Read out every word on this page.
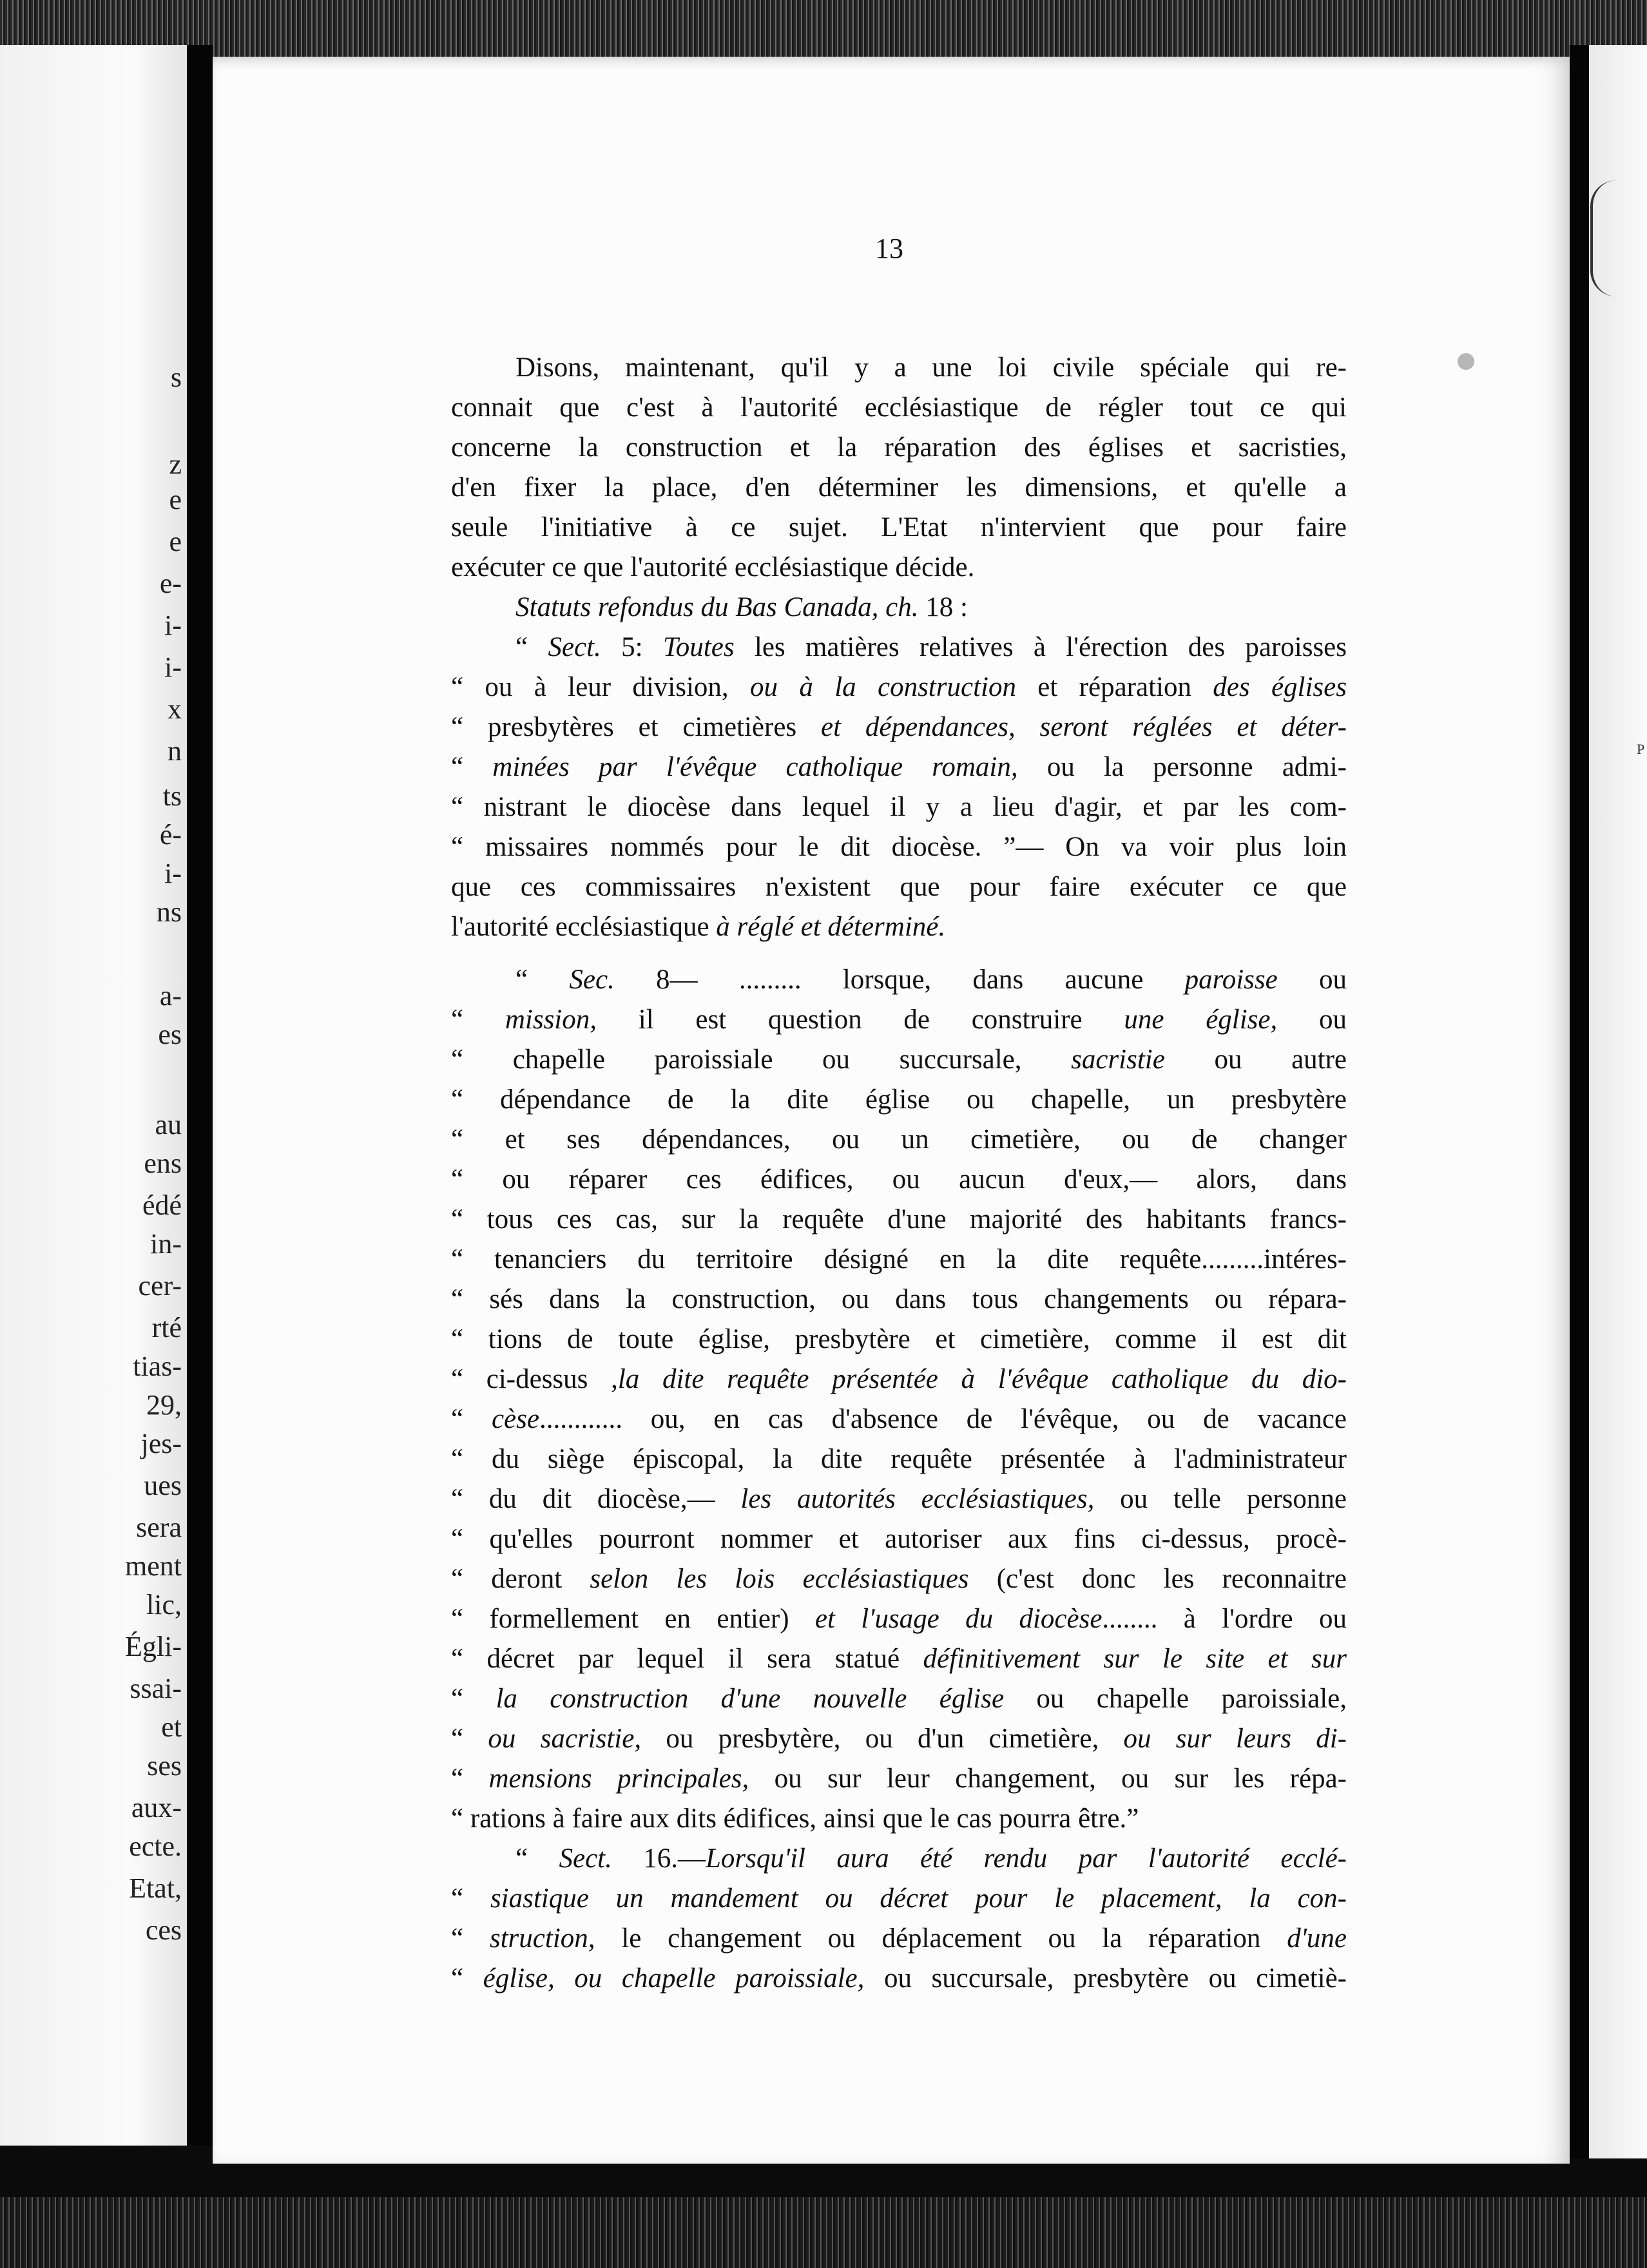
s
z
e
e
e-
i-
i-
x
n
ts
é-
i-
ns
a-
es
au
ens
édé
in-
cer-
rté
tias-
29,
jes-
ues
sera
ment
lic,
Égli-
ssai-
et
ses
aux-
ecte.
Etat,
ces
P
13

Disons, maintenant, qu'il y a une loi civile spéciale qui re-

connait que c'est à l'autorité ecclésiastique de régler tout ce qui

concerne la construction et la réparation des églises et sacristies,

d'en fixer la place, d'en déterminer les dimensions, et qu'elle a

seule l'initiative à ce sujet. L'Etat n'intervient que pour faire

exécuter ce que l'autorité ecclésiastique décide.

Statuts refondus du Bas Canada, ch. 18 :

“ Sect. 5: Toutes les matières relatives à l'érection des paroisses

“ ou à leur division, ou à la construction et réparation des églises

“ presbytères et cimetières et dépendances, seront réglées et déter-

“ minées par l'évêque catholique romain, ou la personne admi-

“ nistrant le diocèse dans lequel il y a lieu d'agir, et par les com-

“ missaires nommés pour le dit diocèse. ”— On va voir plus loin

que ces commissaires n'existent que pour faire exécuter ce que

l'autorité ecclésiastique à réglé et déterminé.

“ Sec. 8— ......... lorsque, dans aucune paroisse ou

“ mission, il est question de construire une église, ou

“ chapelle paroissiale ou succursale, sacristie ou autre

“ dépendance de la dite église ou chapelle, un presbytère

“ et ses dépendances, ou un cimetière, ou de changer

“ ou réparer ces édifices, ou aucun d'eux,— alors, dans

“ tous ces cas, sur la requête d'une majorité des habitants francs-

“ tenanciers du territoire désigné en la dite requête.........intéres-

“ sés dans la construction, ou dans tous changements ou répara-

“ tions de toute église, presbytère et cimetière, comme il est dit

“ ci-dessus ,la dite requête présentée à l'évêque catholique du dio-

“ cèse............ ou, en cas d'absence de l'évêque, ou de vacance

“ du siège épiscopal, la dite requête présentée à l'administrateur

“ du dit diocèse,— les autorités ecclésiastiques, ou telle personne

“ qu'elles pourront nommer et autoriser aux fins ci-dessus, procè-

“ deront selon les lois ecclésiastiques (c'est donc les reconnaitre

“ formellement en entier) et l'usage du diocèse........ à l'ordre ou

“ décret par lequel il sera statué définitivement sur le site et sur

“ la construction d'une nouvelle église ou chapelle paroissiale,

“ ou sacristie, ou presbytère, ou d'un cimetière, ou sur leurs di-

“ mensions principales, ou sur leur changement, ou sur les répa-

“ rations à faire aux dits édifices, ainsi que le cas pourra être.”

“ Sect. 16.—Lorsqu'il aura été rendu par l'autorité ecclé-

“ siastique un mandement ou décret pour le placement, la con-

“ struction, le changement ou déplacement ou la réparation d'une

“ église, ou chapelle paroissiale, ou succursale, presbytère ou cimetiè-
